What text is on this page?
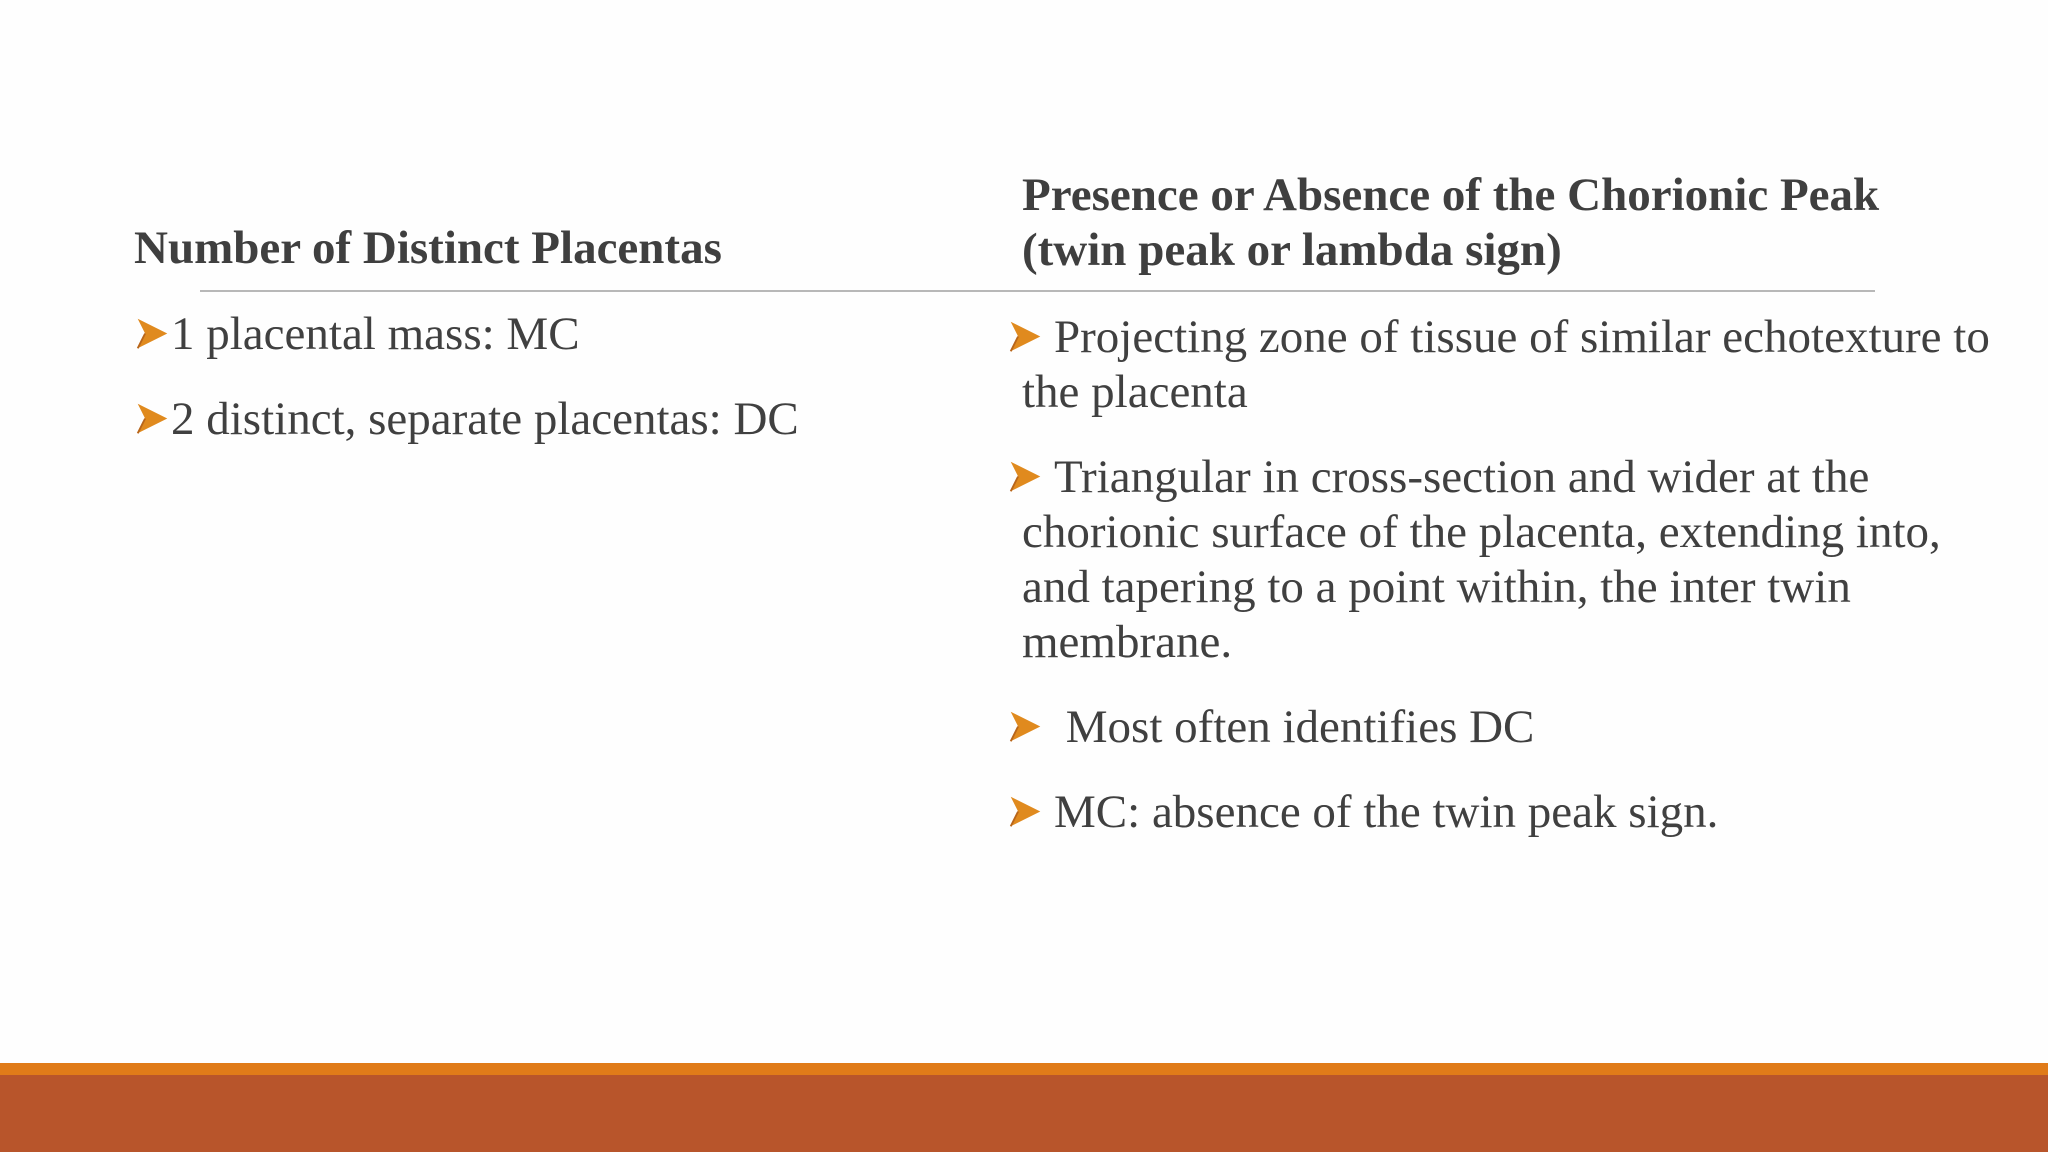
Number of Distinct Placentas
Presence or Absence of the Chorionic Peak
(twin peak or lambda sign)
1 placental mass: MC
2 distinct, separate placentas: DC
Projecting zone of tissue of similar echotexture to the placenta
Triangular in cross-section and wider at the chorionic surface of the placenta, extending into, and tapering to a point within, the inter twin membrane.
Most often identifies DC
MC: absence of the twin peak sign.
